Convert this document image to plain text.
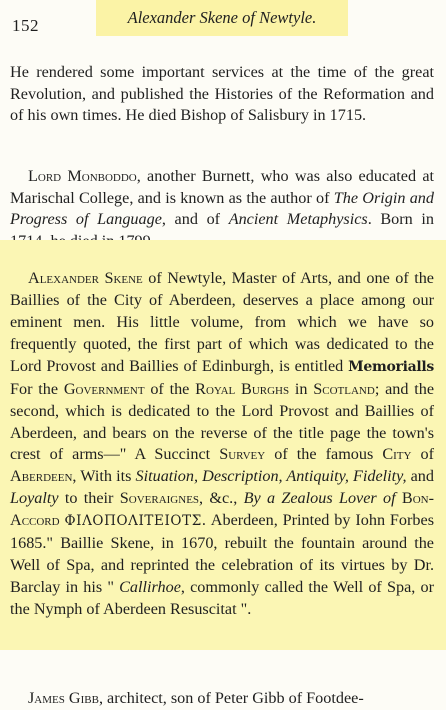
152	Alexander Skene of Newtyle.

He rendered some important services at the time of the great Revolution, and published the Histories of the Reformation and of his own times. He died Bishop of Salisbury in 1715.

Lord Monboddo, another Burnett, who was also educated at Marischal College, and is known as the author of The Origin and Progress of Language, and of Ancient Metaphysics. Born in

Alexander Skene of Newtyle, Master of Arts, and one of the Baillies of the City of Aberdeen, deserves a place among our eminent men. His little volume, from which we have so frequently quoted, the first part of which was dedicated to the Lord Provost and Baillies of Edinburgh, is entitled Memorialls For the Government of the Royal Burghs in Scotland; and the second, which is dedicated to the Lord Provost and Baillies of Aberdeen, and bears on the reverse of the title page the town's crest of arms—" A Succinct Survey of the famous City of Aberdeen, With its Situation, Description, Antiquity, Fidelity, and Loyalty to their Soveraignes, &c., By a Zealous Lover of Bon-Accord ΦΙΛΟΠΟΛΙΤΕΙΟΤΣ. Aberdeen, Printed by Iohn Forbes 1685." Baillie Skene, in 1670, rebuilt the fountain around the Well of Spa, and reprinted the celebration of its virtues by Dr. Barclay in his " Callirhoe, commonly called the Well of Spa, or the Nymph of Aberdeen Resuscitat ".

James Gibb, architect, son of Peter Gibb of Footdee-
